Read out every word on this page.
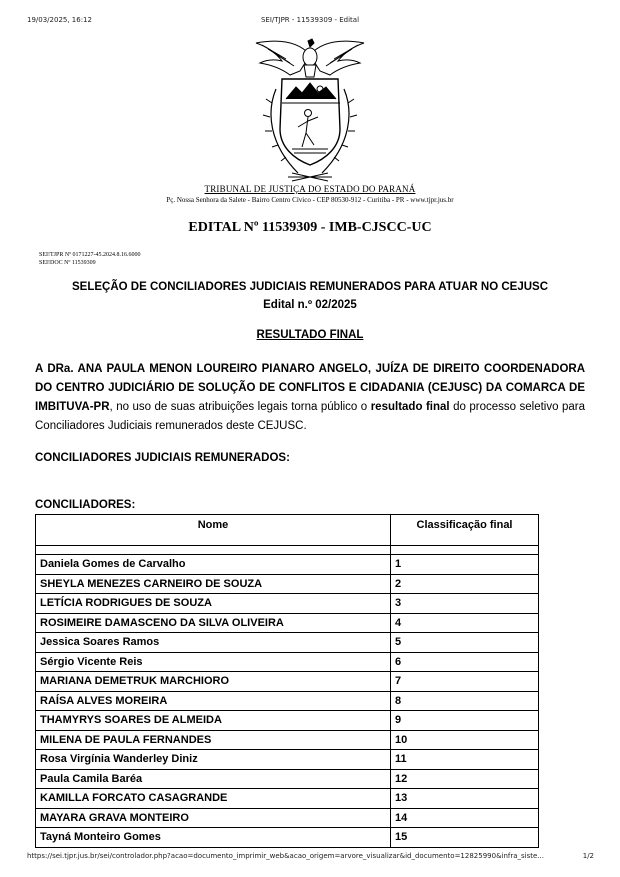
19/03/2025, 16:12	SEI/TJPR - 11539309 - Edital
TRIBUNAL DE JUSTIÇA DO ESTADO DO PARANÁ
Pç. Nossa Senhora da Salete - Bairro Centro Cívico - CEP 80530-912 - Curitiba - PR - www.tjpr.jus.br
EDITAL Nº 11539309 - IMB-CJSCC-UC
SEI!TJPR Nº 0171227-45.2024.8.16.6000
SEI!DOC Nº 11539309
SELEÇÃO DE CONCILIADORES JUDICIAIS REMUNERADOS PARA ATUAR NO CEJUSC
Edital n.º 02/2025
RESULTADO FINAL
A DRa. ANA PAULA MENON LOUREIRO PIANARO ANGELO, JUÍZA DE DIREITO COORDENADORA DO CENTRO JUDICIÁRIO DE SOLUÇÃO DE CONFLITOS E CIDADANIA (CEJUSC) DA COMARCA DE IMBITUVA-PR, no uso de suas atribuições legais torna público o resultado final do processo seletivo para Conciliadores Judiciais remunerados deste CEJUSC.
CONCILIADORES JUDICIAIS REMUNERADOS:
CONCILIADORES:
Nome	Classificação final

Daniela Gomes de Carvalho	1
SHEYLA MENEZES CARNEIRO DE SOUZA	2
LETÍCIA RODRIGUES DE SOUZA	3
ROSIMEIRE DAMASCENO DA SILVA OLIVEIRA	4
Jessica Soares Ramos	5
Sérgio Vicente Reis	6
MARIANA DEMETRUK MARCHIORO	7
RAÍSA ALVES MOREIRA	8
THAMYRYS SOARES DE ALMEIDA	9
MILENA DE PAULA FERNANDES	10
Rosa Virgínia Wanderley Diniz	11
Paula Camila Baréa	12
KAMILLA FORCATO CASAGRANDE	13
MAYARA GRAVA MONTEIRO	14
Tayná Monteiro Gomes	15
https://sei.tjpr.jus.br/sei/controlador.php?acao=documento_imprimir_web&acao_origem=arvore_visualizar&id_documento=12825990&infra_siste...	1/2
